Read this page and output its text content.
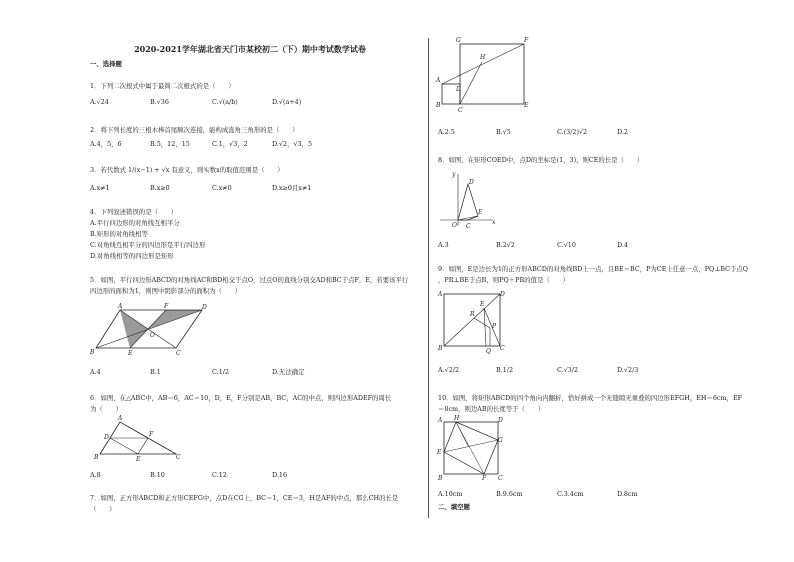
2020-2021学年湖北省天门市某校初二（下）期中考试数学试卷
一、选择题
1．下列二次根式中属于最简二次根式的是（　　）
A.√24	B.√36	C.√(a/b)	D.√(a+4)
2．将下列长度的三根木棒首尾顺次连接，能构成直角三角形的是（　　）
A.4，5，6	B.5，12，15	C.1，√3，2	D.√2，√3，5
3．若代数式 1/(x−1) + √x 有意义，则实数x的取值范围是（　　）
A.x≠1	B.x≥0	C.x≠0	D.x≥0且x≠1
4．下列叙述错误的是（　　）
A.平行四边形的对角线互相平分
B.矩形的对角线相等
C.对角线互相平分的四边形是平行四边形
D.对角线相等的四边形是矩形
5．如图，平行四边形ABCD的对角线AC和BD相交于点O，过点O的直线分别交AD和BC于点F，E，若要该平行
四边形的面积为1，则图中阴影部分的面积为（　　）
A	F	D
O
B	E	C
A.4	B.1	C.1/2	D.无法确定
6．如图，在△ABC中，AB＝6，AC＝10，D，E，F分别是AB，BC，AC的中点，则四边形ADEF的周长
为（　　）
A
D	F
B	E	C
A.8	B.10	C.12	D.16
7．如图，正方形ABCD和正方形CEFG中，点D在CG上，BC＝1，CE＝3，H是AF的中点，那么CH的长是
（　　）
G	F
H
A
D
B
C
E
A.2.5	B.√5	C.(3/2)√2	D.2
8．如图，在矩形COED中，点D的坐标是(1，3)，则CE的长是（　　）
y
D
E
O C
x
A.3	B.2√2	C.√10	D.4
9．如图，E是边长为1的正方形ABCD的对角线BD上一点，且BE＝BC，P为CE上任意一点，PQ⊥BC于点Q
，PR⊥BE于点R，则PQ＋PR的值是（　　）
A	D
E
R
P
B	Q C
A.√2/2	B.1/2	C.√3/2	D.√2/3
10．如图，将矩形ABCD的四个角向内翻折，恰好拼成一个无缝隙无重叠的四边形EFGH，EH＝6cm，EF
＝8cm，则边AB的长度等于（　　）
A H	D
E
G
B	F C
A.10cm	B.9.6cm	C.3.4cm	D.8cm
二、填空题
